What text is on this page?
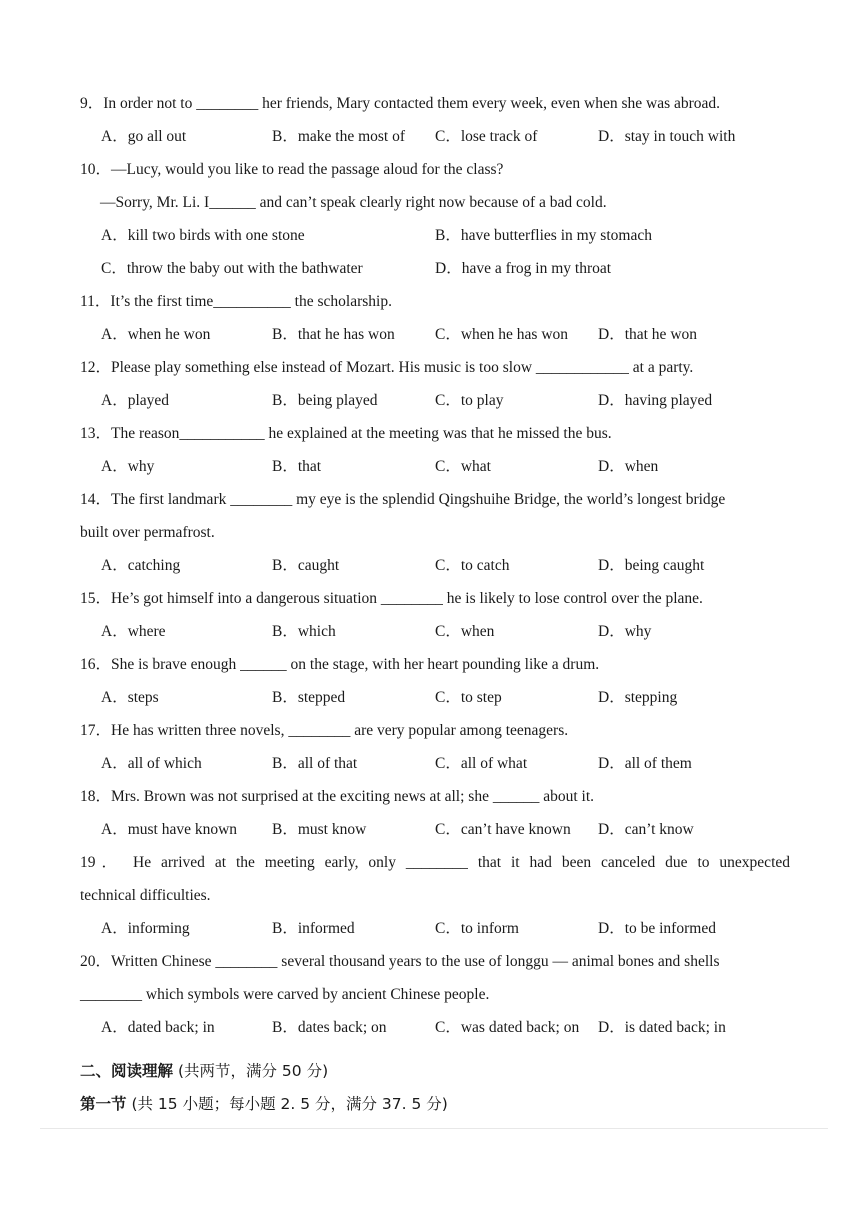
9．In order not to ________ her friends, Mary contacted them every week, even when she was abroad.
A．go all out	B．make the most of C．lose track of	D．stay in touch with
10．—Lucy, would you like to read the passage aloud for the class?
—Sorry, Mr. Li. I______ and can’t speak clearly right now because of a bad cold.
A．kill two birds with one stone	B．have butterflies in my stomach
C．throw the baby out with the bathwater	D．have a frog in my throat
11．It’s the first time__________ the scholarship.
A．when he won	B．that he has won	C．when he has won D．that he won
12．Please play something else instead of Mozart. His music is too slow ____________ at a party.
A．played	B．being played	C．to play	D．having played
13．The reason___________ he explained at the meeting was that he missed the bus.
A．why	B．that	C．what	D．when
14．The first landmark ________ my eye is the splendid Qingshuihe Bridge, the world’s longest bridge
built over permafrost.
A．catching	B．caught	C．to catch	D．being caught
15．He’s got himself into a dangerous situation ________ he is likely to lose control over the plane.
A．where	B．which	C．when	D．why
16．She is brave enough ______ on the stage, with her heart pounding like a drum.
A．steps	B．stepped	C．to step	D．stepping
17．He has written three novels, ________ are very popular among teenagers.
A．all of which	B．all of that	C．all of what	D．all of them
18．Mrs. Brown was not surprised at the exciting news at all; she ______ about it.
A．must have known B．must know	C．can’t have known D．can’t know
19． He arrived at the meeting early, only ________ that it had been canceled due to unexpected
technical difficulties.
A．informing	B．informed	C．to inform	D．to be informed
20．Written Chinese ________ several thousand years to the use of longgu — animal bones and shells
________ which symbols were carved by ancient Chinese people.
A．dated back; in	B．dates back; on	C．was dated back; on D．is dated back; in
二、阅读理解 (共两节，满分 50 分)
第一节 (共 15 小题；每小题 2. 5 分，满分 37. 5 分)
